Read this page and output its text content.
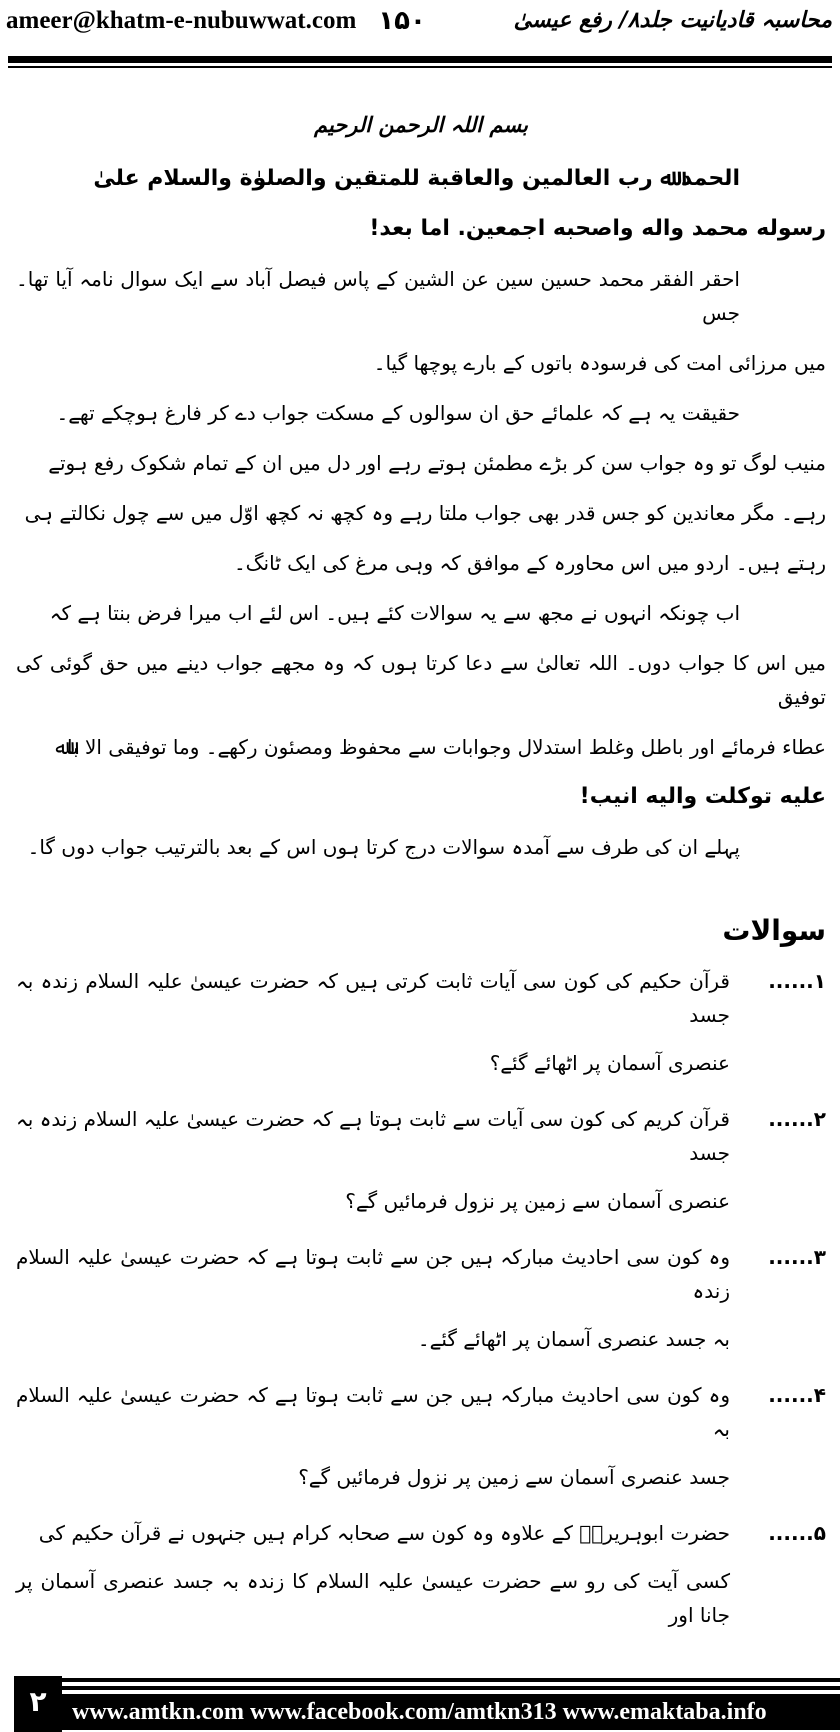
ameer@khatm-e-nubuwwat.com ۱۵۰	محاسبہ قادیانیت جلد۸/ رفع عیسیٰ
بسم اللہ الرحمن الرحیم
الحمد ﷲ رب العالمین والعاقبة للمتقین والصلوٰة والسلام علیٰ
رسوله محمد واله واصحبه اجمعین. اما بعد!
احقر الفقر محمد حسین سین عن الشین کے پاس فیصل آباد سے ایک سوال نامہ آیا تھا۔ جس
میں مرزائی امت کی فرسودہ باتوں کے بارے پوچھا گیا۔
حقیقت یہ ہے کہ علمائے حق ان سوالوں کے مسکت جواب دے کر فارغ ہوچکے تھے۔
منیب لوگ تو وہ جواب سن کر بڑے مطمئن ہوتے رہے اور دل میں ان کے تمام شکوک رفع ہوتے
رہے۔ مگر معاندین کو جس قدر بھی جواب ملتا رہے وہ کچھ نہ کچھ اوّل میں سے چول نکالتے ہی
رہتے ہیں۔ اردو میں اس محاورہ کے موافق کہ وہی مرغ کی ایک ٹانگ۔
اب چونکہ انہوں نے مجھ سے یہ سوالات کئے ہیں۔ اس لئے اب میرا فرض بنتا ہے کہ
میں اس کا جواب دوں۔ اللہ تعالیٰ سے دعا کرتا ہوں کہ وہ مجھے جواب دینے میں حق گوئی کی توفیق
عطاء فرمائے اور باطل وغلط استدلال وجوابات سے محفوظ ومصئون رکھے۔ وما توفیقی الا باﷲ
علیه توکلت والیه انیب!
پہلے ان کی طرف سے آمدہ سوالات درج کرتا ہوں اس کے بعد بالترتیب جواب دوں گا۔
سوالات
۱......
قرآن حکیم کی کون سی آیات ثابت کرتی ہیں کہ حضرت عیسیٰ علیہ السلام زندہ بہ جسد
عنصری آسمان پر اٹھائے گئے؟
۲......
قرآن کریم کی کون سی آیات سے ثابت ہوتا ہے کہ حضرت عیسیٰ علیہ السلام زندہ بہ جسد
عنصری آسمان سے زمین پر نزول فرمائیں گے؟
۳......
وہ کون سی احادیث مبارکہ ہیں جن سے ثابت ہوتا ہے کہ حضرت عیسیٰ علیہ السلام زندہ
بہ جسد عنصری آسمان پر اٹھائے گئے۔
۴......
وہ کون سی احادیث مبارکہ ہیں جن سے ثابت ہوتا ہے کہ حضرت عیسیٰ علیہ السلام بہ
جسد عنصری آسمان سے زمین پر نزول فرمائیں گے؟
۵......
حضرت ابوہریرہؓ کے علاوہ وہ کون سے صحابہ کرام ہیں جنہوں نے قرآن حکیم کی
کسی آیت کی رو سے حضرت عیسیٰ علیہ السلام کا زندہ بہ جسد عنصری آسمان پر جانا اور
۲	www.amtkn.com www.facebook.com/amtkn313 www.emaktaba.info
